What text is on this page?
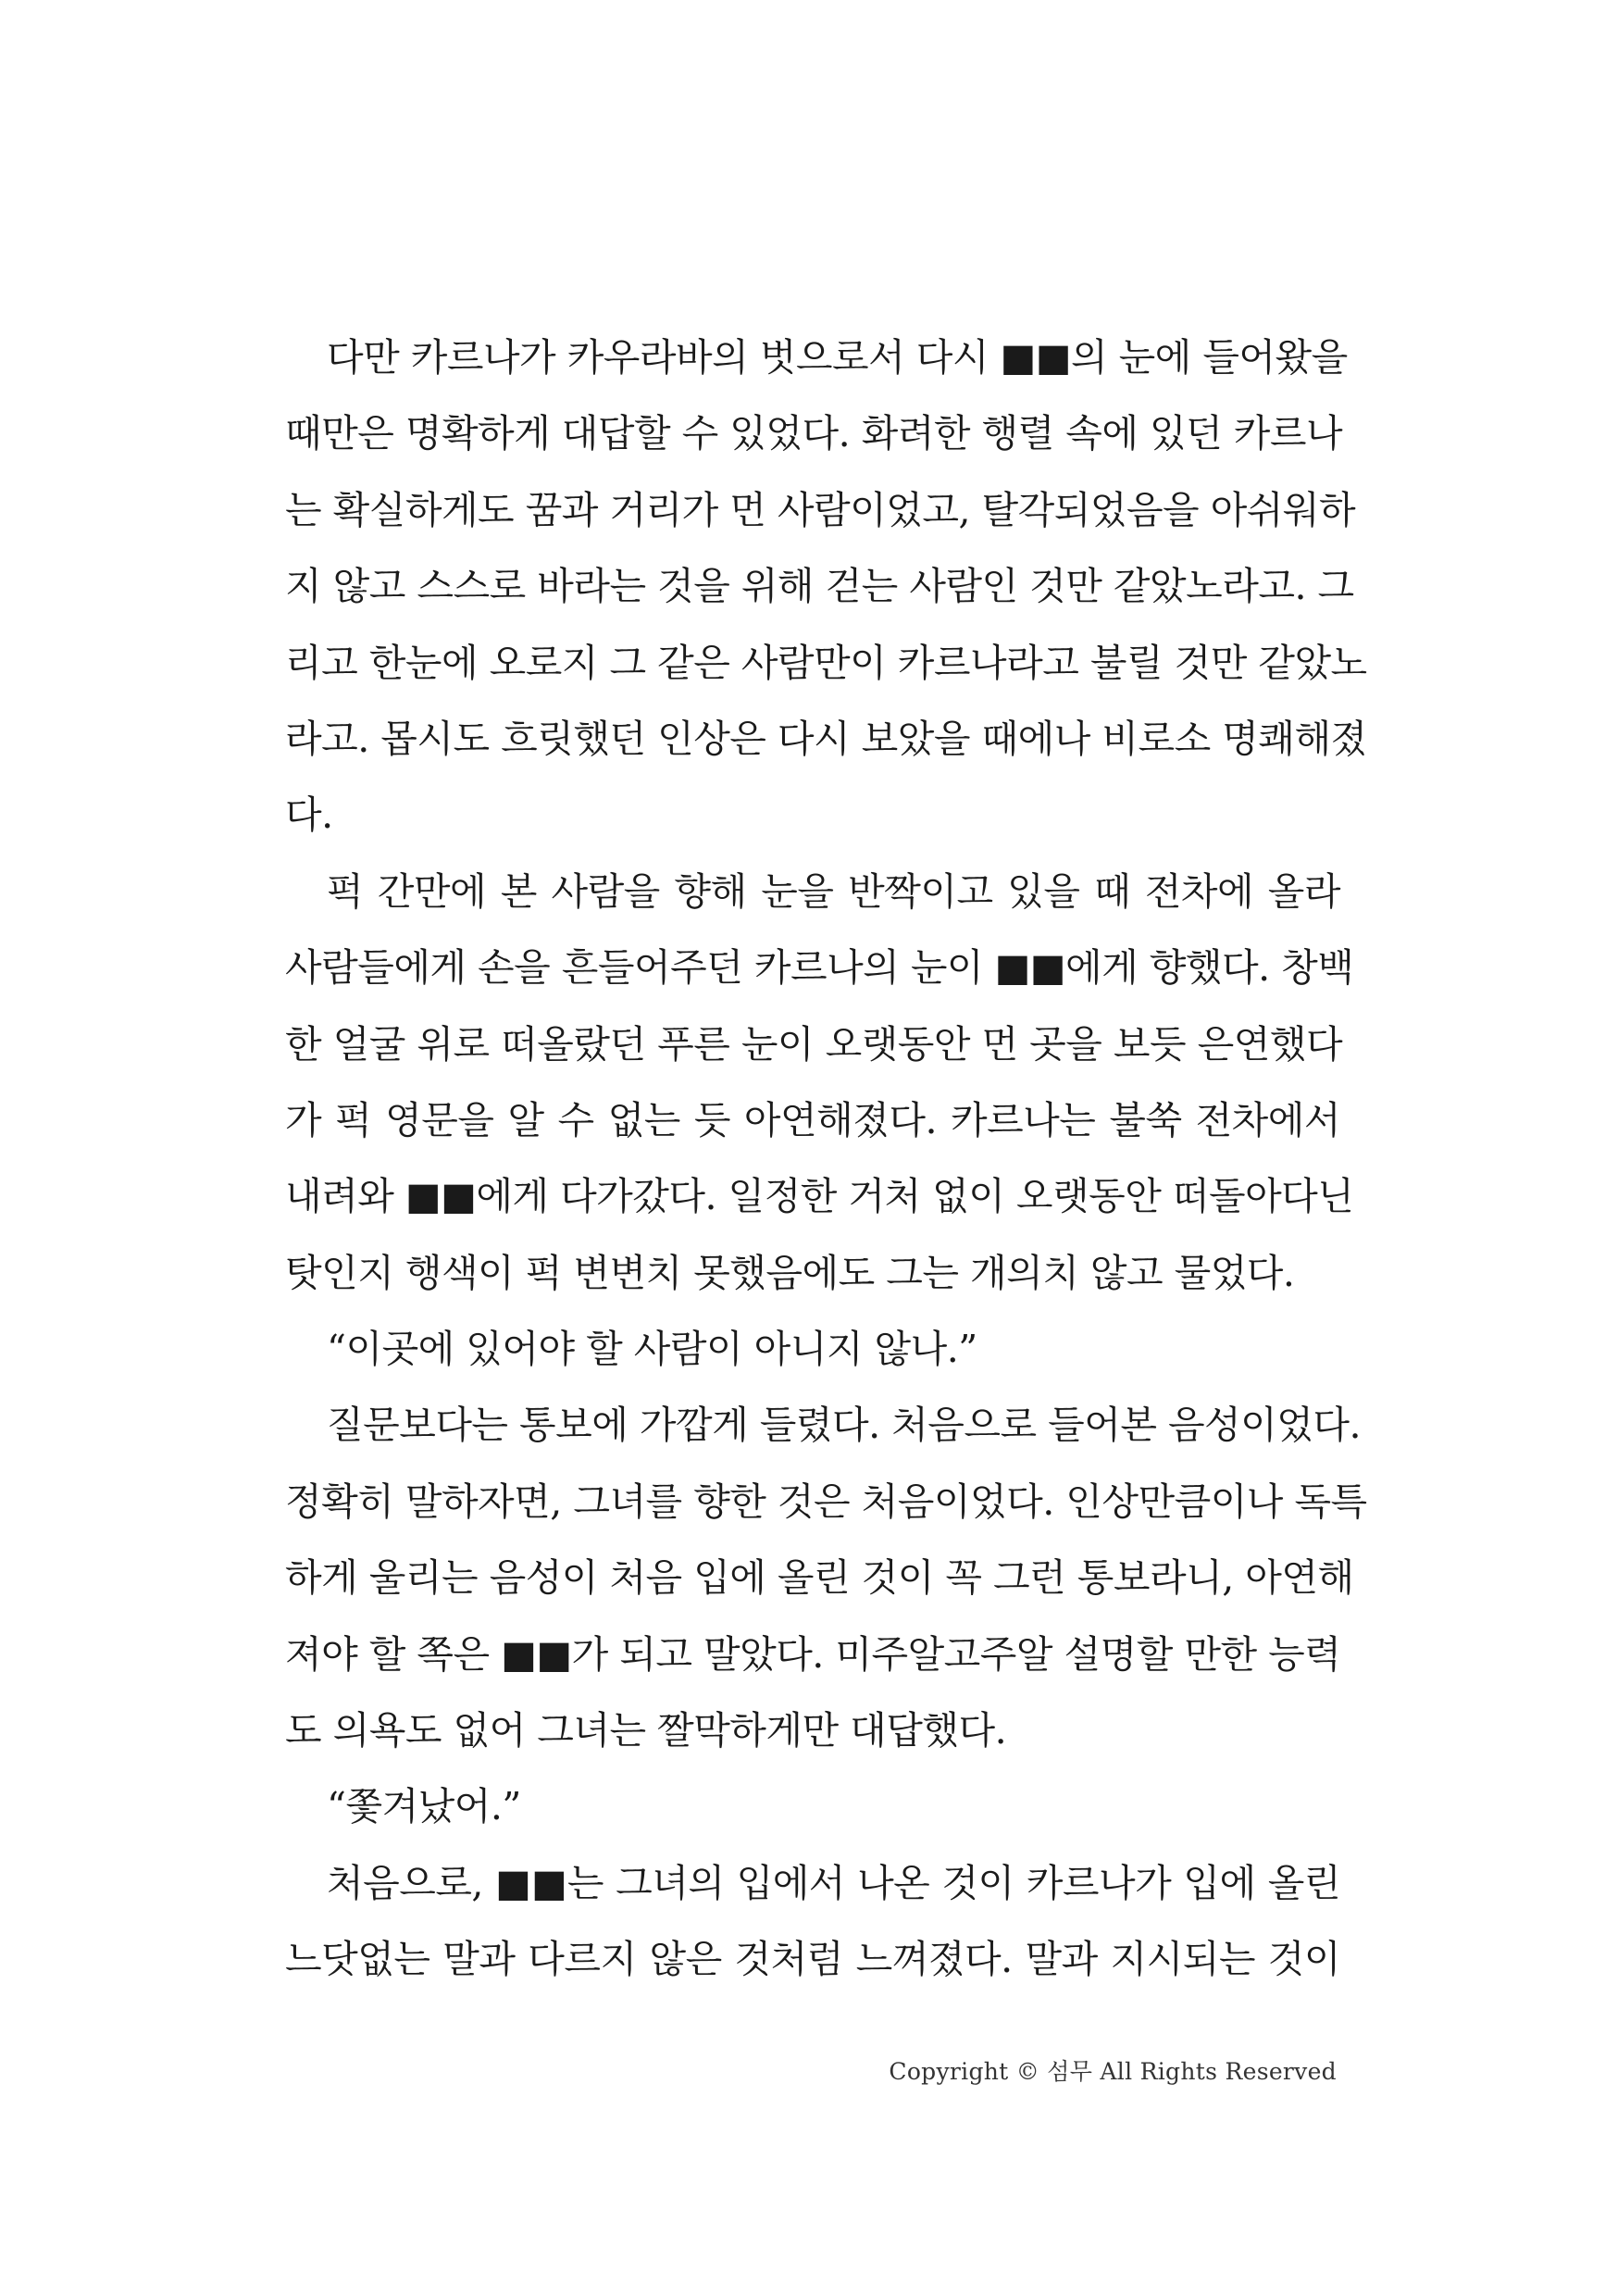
다만 카르나가 카우라바의 벗으로서 다시 ■■의 눈에 들어왔을
때만은 명확하게 대답할 수 있었다. 화려한 행렬 속에 있던 카르나
는 확실하게도 꿈과 거리가 먼 사람이었고, 탈각되었음을 아쉬워하
지 않고 스스로 바라는 것을 위해 걷는 사람인 것만 같았노라고. 그
리고 한눈에 오로지 그 같은 사람만이 카르나라고 불릴 것만 같았노
라고. 몹시도 흐릿했던 인상은 다시 보았을 때에나 비로소 명쾌해졌
다.
퍽 간만에 본 사람을 향해 눈을 반짝이고 있을 때 전차에 올라
사람들에게 손을 흔들어주던 카르나의 눈이 ■■에게 향했다. 창백
한 얼굴 위로 떠올랐던 푸른 눈이 오랫동안 먼 곳을 보듯 은연했다
가 퍽 영문을 알 수 없는 듯 아연해졌다. 카르나는 불쑥 전차에서
내려와 ■■에게 다가갔다. 일정한 거처 없이 오랫동안 떠돌아다닌
탓인지 행색이 퍽 변변치 못했음에도 그는 개의치 않고 물었다.
“이곳에 있어야 할 사람이 아니지 않나.”
질문보다는 통보에 가깝게 들렸다. 처음으로 들어본 음성이었다.
정확히 말하자면, 그녀를 향한 것은 처음이었다. 인상만큼이나 독특
하게 울리는 음성이 처음 입에 올린 것이 꼭 그런 통보라니, 아연해
져야 할 쪽은 ■■가 되고 말았다. 미주알고주알 설명할 만한 능력
도 의욕도 없어 그녀는 짤막하게만 대답했다.
“쫓겨났어.”
처음으로, ■■는 그녀의 입에서 나온 것이 카르나가 입에 올린
느닷없는 말과 다르지 않은 것처럼 느껴졌다. 말과 지시되는 것이
Copyright © 섬무 All Rights Reserved
